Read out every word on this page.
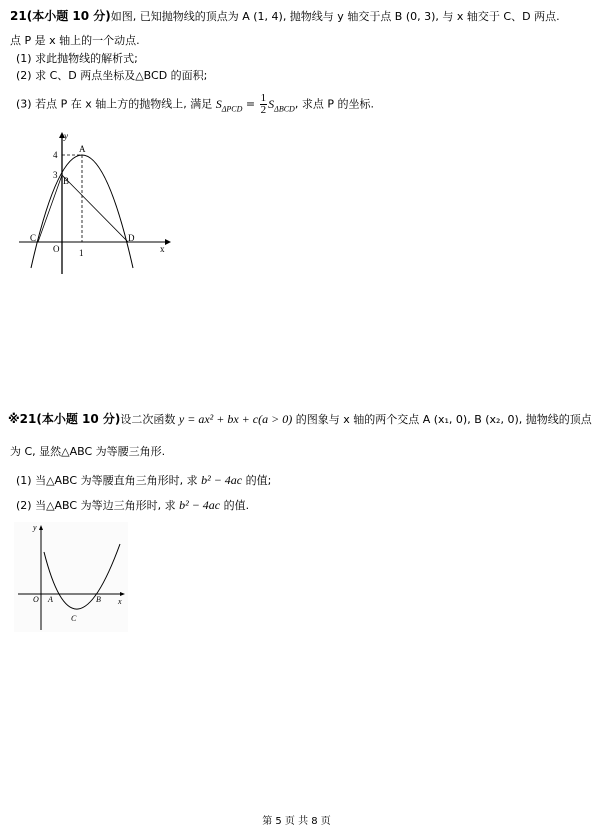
21(本小题 10 分)如图, 已知抛物线的顶点为 A (1, 4), 抛物线与 y 轴交于点 B (0, 3), 与 x 轴交于 C、D 两点.
点 P 是 x 轴上的一个动点.
(1) 求此抛物线的解析式;
(2) 求 C、D 两点坐标及△BCD 的面积;
(3) 若点 P 在 x 轴上方的抛物线上, 满足 $S_{\Delta PCD} = \frac{1}{2} S_{\Delta BCD}$, 求点 P 的坐标.
A
B
C	D
O	x
y
4
3
1
※21(本小题 10 分)设二次函数 y = ax² + bx + c(a > 0) 的图象与 x 轴的两个交点 A (x₁, 0), B (x₂, 0), 抛物线的顶点
为 C, 显然△ABC 为等腰三角形.
(1) 当△ABC 为等腰直角三角形时, 求 b² − 4ac 的值;
(2) 当△ABC 为等边三角形时, 求 b² − 4ac 的值.
y
x
O A	B
C
第 5 页 共 8 页
